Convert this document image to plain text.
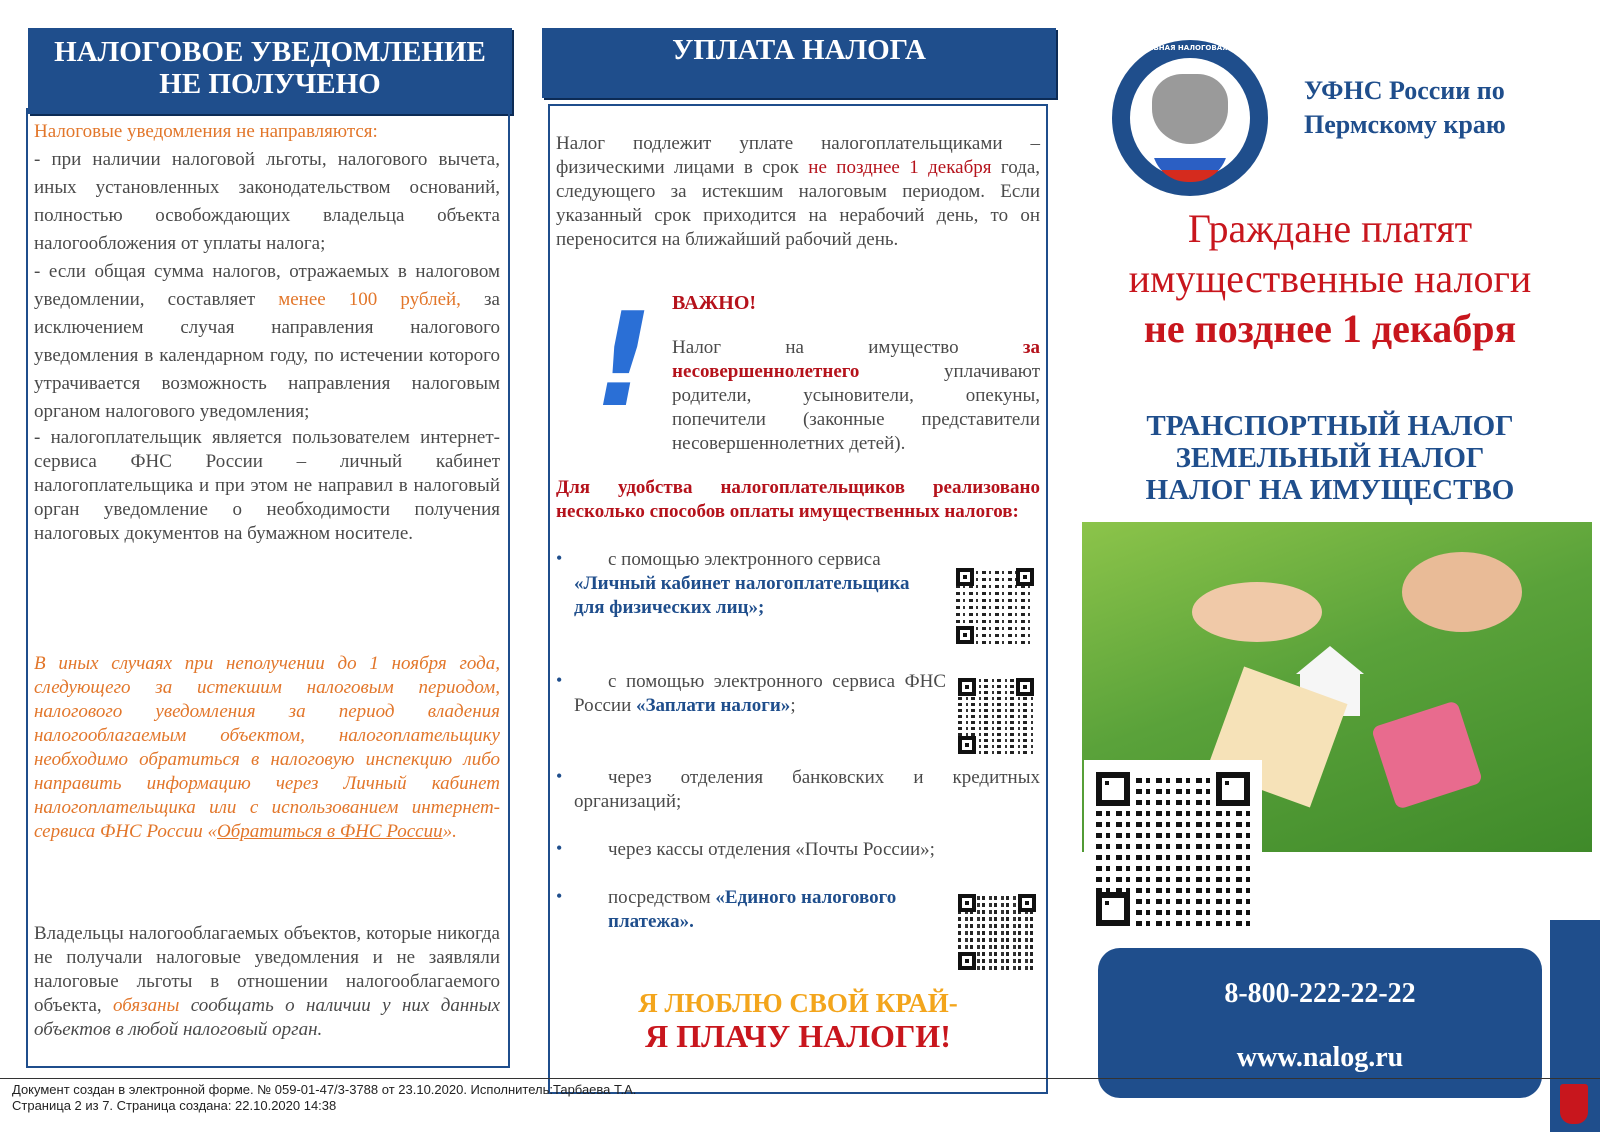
НАЛОГОВОЕ УВЕДОМЛЕНИЕ
НЕ ПОЛУЧЕНО

Налоговые уведомления не направляются:

- при наличии налоговой льготы, налогового вычета, иных установленных законодательством оснований, полностью освобождающих владельца объекта налогообложения от уплаты налога;

- если общая сумма налогов, отражаемых в налоговом уведомлении, составляет менее 100 рублей, за исключением случая направления налогового уведомления в календарном году, по истечении которого утрачивается возможность направления налоговым органом налогового уведомления;

- налогоплательщик является пользователем интернет-сервиса ФНС России – личный кабинет налогоплательщика и при этом не направил в налоговый орган уведомление о необходимости получения налоговых документов на бумажном носителе.

В иных случаях при неполучении до 1 ноября года, следующего за истекшим налоговым периодом, налогового уведомления за период владения налогооблагаемым объектом, налогоплательщику необходимо обратиться в налоговую инспекцию либо направить информацию через Личный кабинет налогоплательщика или с использованием интернет-сервиса ФНС России «Обратиться в ФНС России».
Владельцы налогооблагаемых объектов, которые никогда не получали налоговые уведомления и не заявляли налоговые льготы в отношении налогооблагаемого объекта, обязаны сообщать о наличии у них данных объектов в любой налоговый орган.
УПЛАТА НАЛОГА
Налог подлежит уплате налогоплательщиками – физическими лицами в срок не позднее 1 декабря года, следующего за истекшим налоговым периодом. Если указанный срок приходится на нерабочий день, то он переносится на ближайший рабочий день.
! ВАЖНО!
Налог на имущество за несовершеннолетнего уплачивают родители, усыновители, опекуны, попечители (законные представители несовершеннолетних детей).
Для удобства налогоплательщиков реализовано несколько способов оплаты имущественных налогов:
•	с помощью электронного сервиса
«Личный кабинет налогоплательщика для физических лиц»;
•	с помощью электронного сервиса ФНС России «Заплати налоги»;
•	через отделения банковских и кредитных организаций;
•	через кассы отделения «Почты России»;
• посредством «Единого налогового платежа».
Я ЛЮБЛЮ СВОЙ КРАЙ-
Я ПЛАЧУ НАЛОГИ!
ФЕДЕРАЛЬНАЯ НАЛОГОВАЯ СЛУЖБА
УФНС России по
Пермскому краю
Граждане платят
имущественные налоги
не позднее 1 декабря
ТРАНСПОРТНЫЙ НАЛОГ
ЗЕМЕЛЬНЫЙ НАЛОГ
НАЛОГ НА ИМУЩЕСТВО
8-800-222-22-22
www.nalog.ru
Документ создан в электронной форме. № 059-01-47/3-3788 от 23.10.2020. Исполнитель:Тарбаева Т.А.
Страница 2 из 7. Страница создана: 22.10.2020 14:38
